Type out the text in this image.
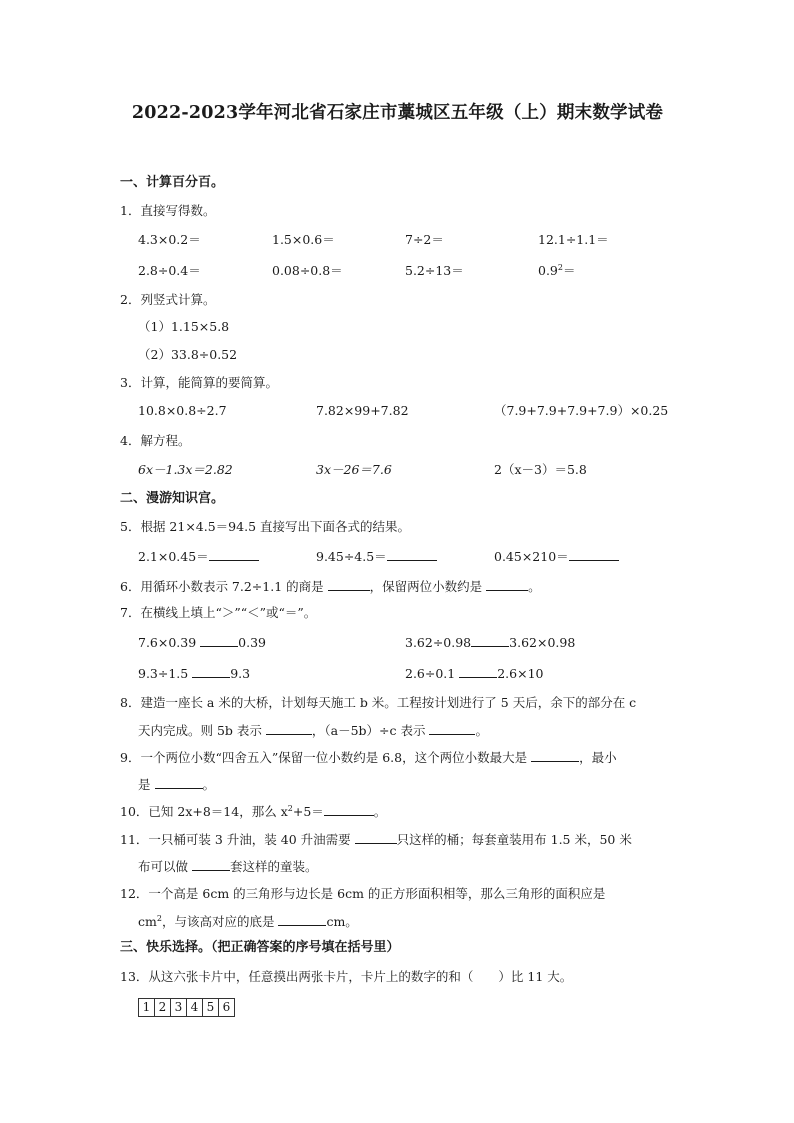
2022-2023学年河北省石家庄市藁城区五年级（上）期末数学试卷
一、计算百分百。
1．直接写得数。
4.3×0.2＝	1.5×0.6＝	7÷2＝	12.1÷1.1＝
2.8÷0.4＝	0.08÷0.8＝	5.2÷13＝	$0.9^2=$
2．列竖式计算。
（1）1.15×5.8
（2）33.8÷0.52
3．计算，能简算的要简算。
10.8×0.8÷2.7	7.82×99+7.82	（7.9+7.9+7.9+7.9）×0.25
4．解方程。
6x－1.3x＝2.82	3x－26＝7.6	2（x－3）＝5.8
二、漫游知识宫。
5．根据 21×4.5＝94.5 直接写出下面各式的结果。
2.1×0.45＝	9.45÷4.5＝	0.45×210＝
6．用循环小数表示 7.2÷1.1 的商是	，保留两位小数约是	。
7．在横线上填上“＞”“＜”或“＝”。
7.6×0.39	0.39	3.62÷0.98	3.62×0.98
9.3÷1.5	9.3	2.6÷0.1	2.6×10
8．建造一座长 a 米的大桥，计划每天施工 b 米。工程按计划进行了 5 天后，余下的部分在 c
天内完成。则 5b 表示	，（a－5b）÷c 表示	。
9．一个两位小数“四舍五入”保留一位小数约是 6.8，这个两位小数最大是	，最小
是	。
10．已知 2x+8＝14，那么 $x^2+5=$	。
11．一只桶可装 3 升油，装 40 升油需要	只这样的桶；每套童装用布 1.5 米，50 米
布可以做	套这样的童装。
12．一个高是 6cm 的三角形与边长是 6cm 的正方形面积相等，那么三角形的面积应是
$cm^2$，与该高对应的底是	cm。
三、快乐选择。（把正确答案的序号填在括号里）
13．从这六张卡片中，任意摸出两张卡片，卡片上的数字的和（　　）比 11 大。
1 2 3 4 5 6
